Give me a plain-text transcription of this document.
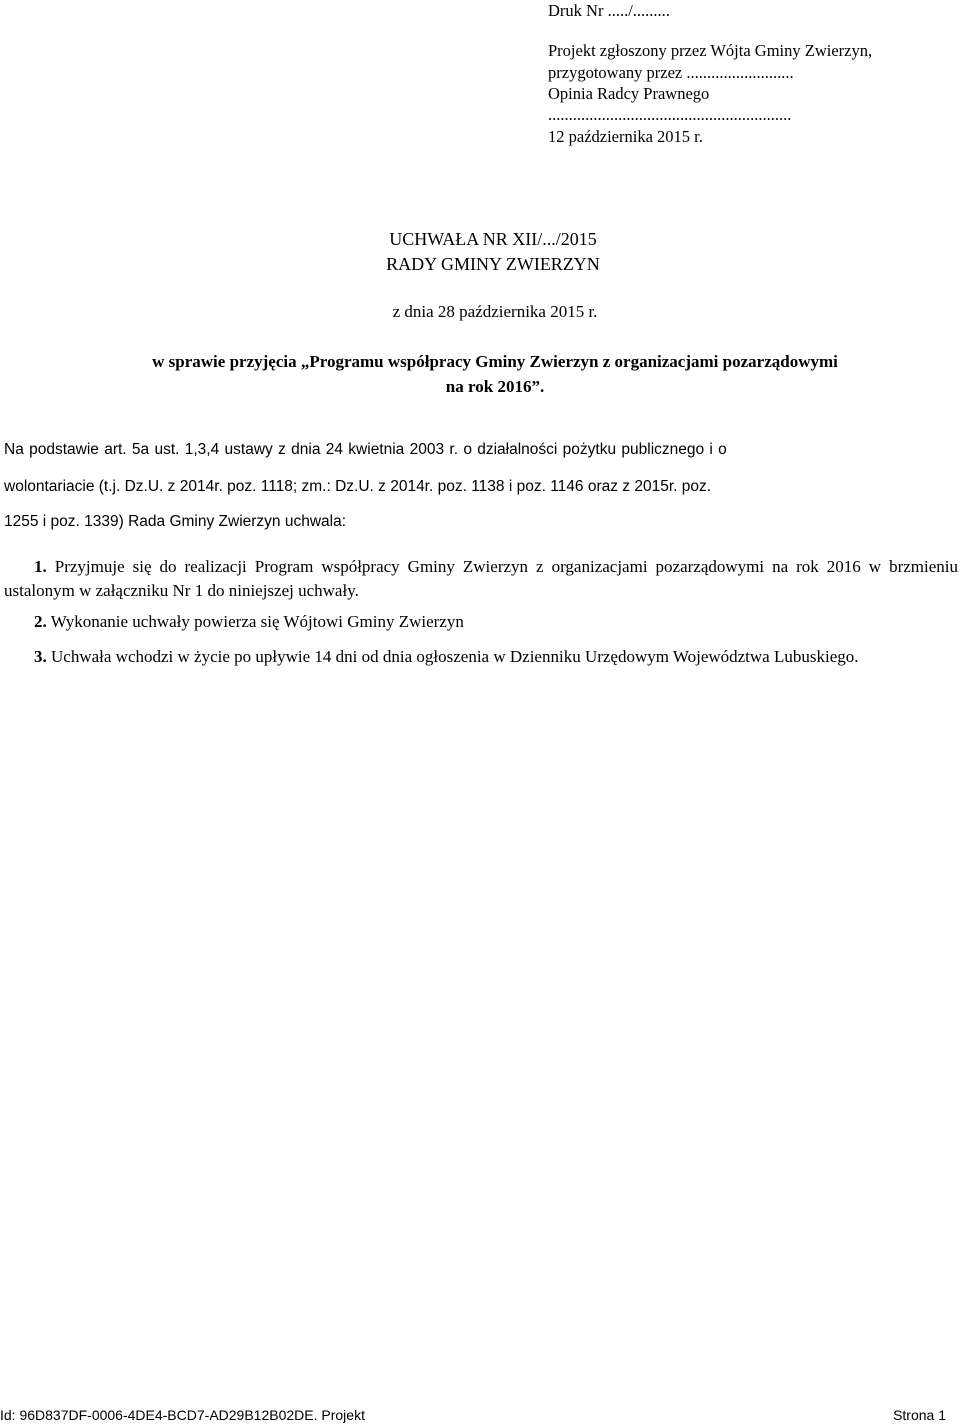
Druk Nr ...../.........
Projekt zgłoszony przez Wójta Gminy Zwierzyn,
przygotowany przez ..........................
Opinia Radcy Prawnego
...........................................................
12 października 2015 r.
UCHWAŁA NR XII/.../2015
RADY GMINY ZWIERZYN
z dnia 28 października 2015 r.
w sprawie przyjęcia „Programu współpracy Gminy Zwierzyn z organizacjami pozarządowymi
na rok 2016”.
Na podstawie art. 5a ust. 1,3,4 ustawy z dnia 24 kwietnia 2003 r. o działalności pożytku publicznego i o
wolontariacie (t.j. Dz.U. z 2014r. poz. 1118; zm.: Dz.U. z 2014r. poz. 1138 i poz. 1146 oraz z 2015r. poz.
1255 i poz. 1339) Rada Gminy Zwierzyn uchwala:
1. Przyjmuje się do realizacji Program współpracy Gminy Zwierzyn z organizacjami pozarządowymi na rok 2016 w brzmieniu ustalonym w załączniku Nr 1 do niniejszej uchwały.
2. Wykonanie uchwały powierza się Wójtowi Gminy Zwierzyn
3. Uchwała wchodzi w życie po upływie 14 dni od dnia ogłoszenia w Dzienniku Urzędowym Województwa Lubuskiego.
Id: 96D837DF-0006-4DE4-BCD7-AD29B12B02DE. Projekt	Strona 1
